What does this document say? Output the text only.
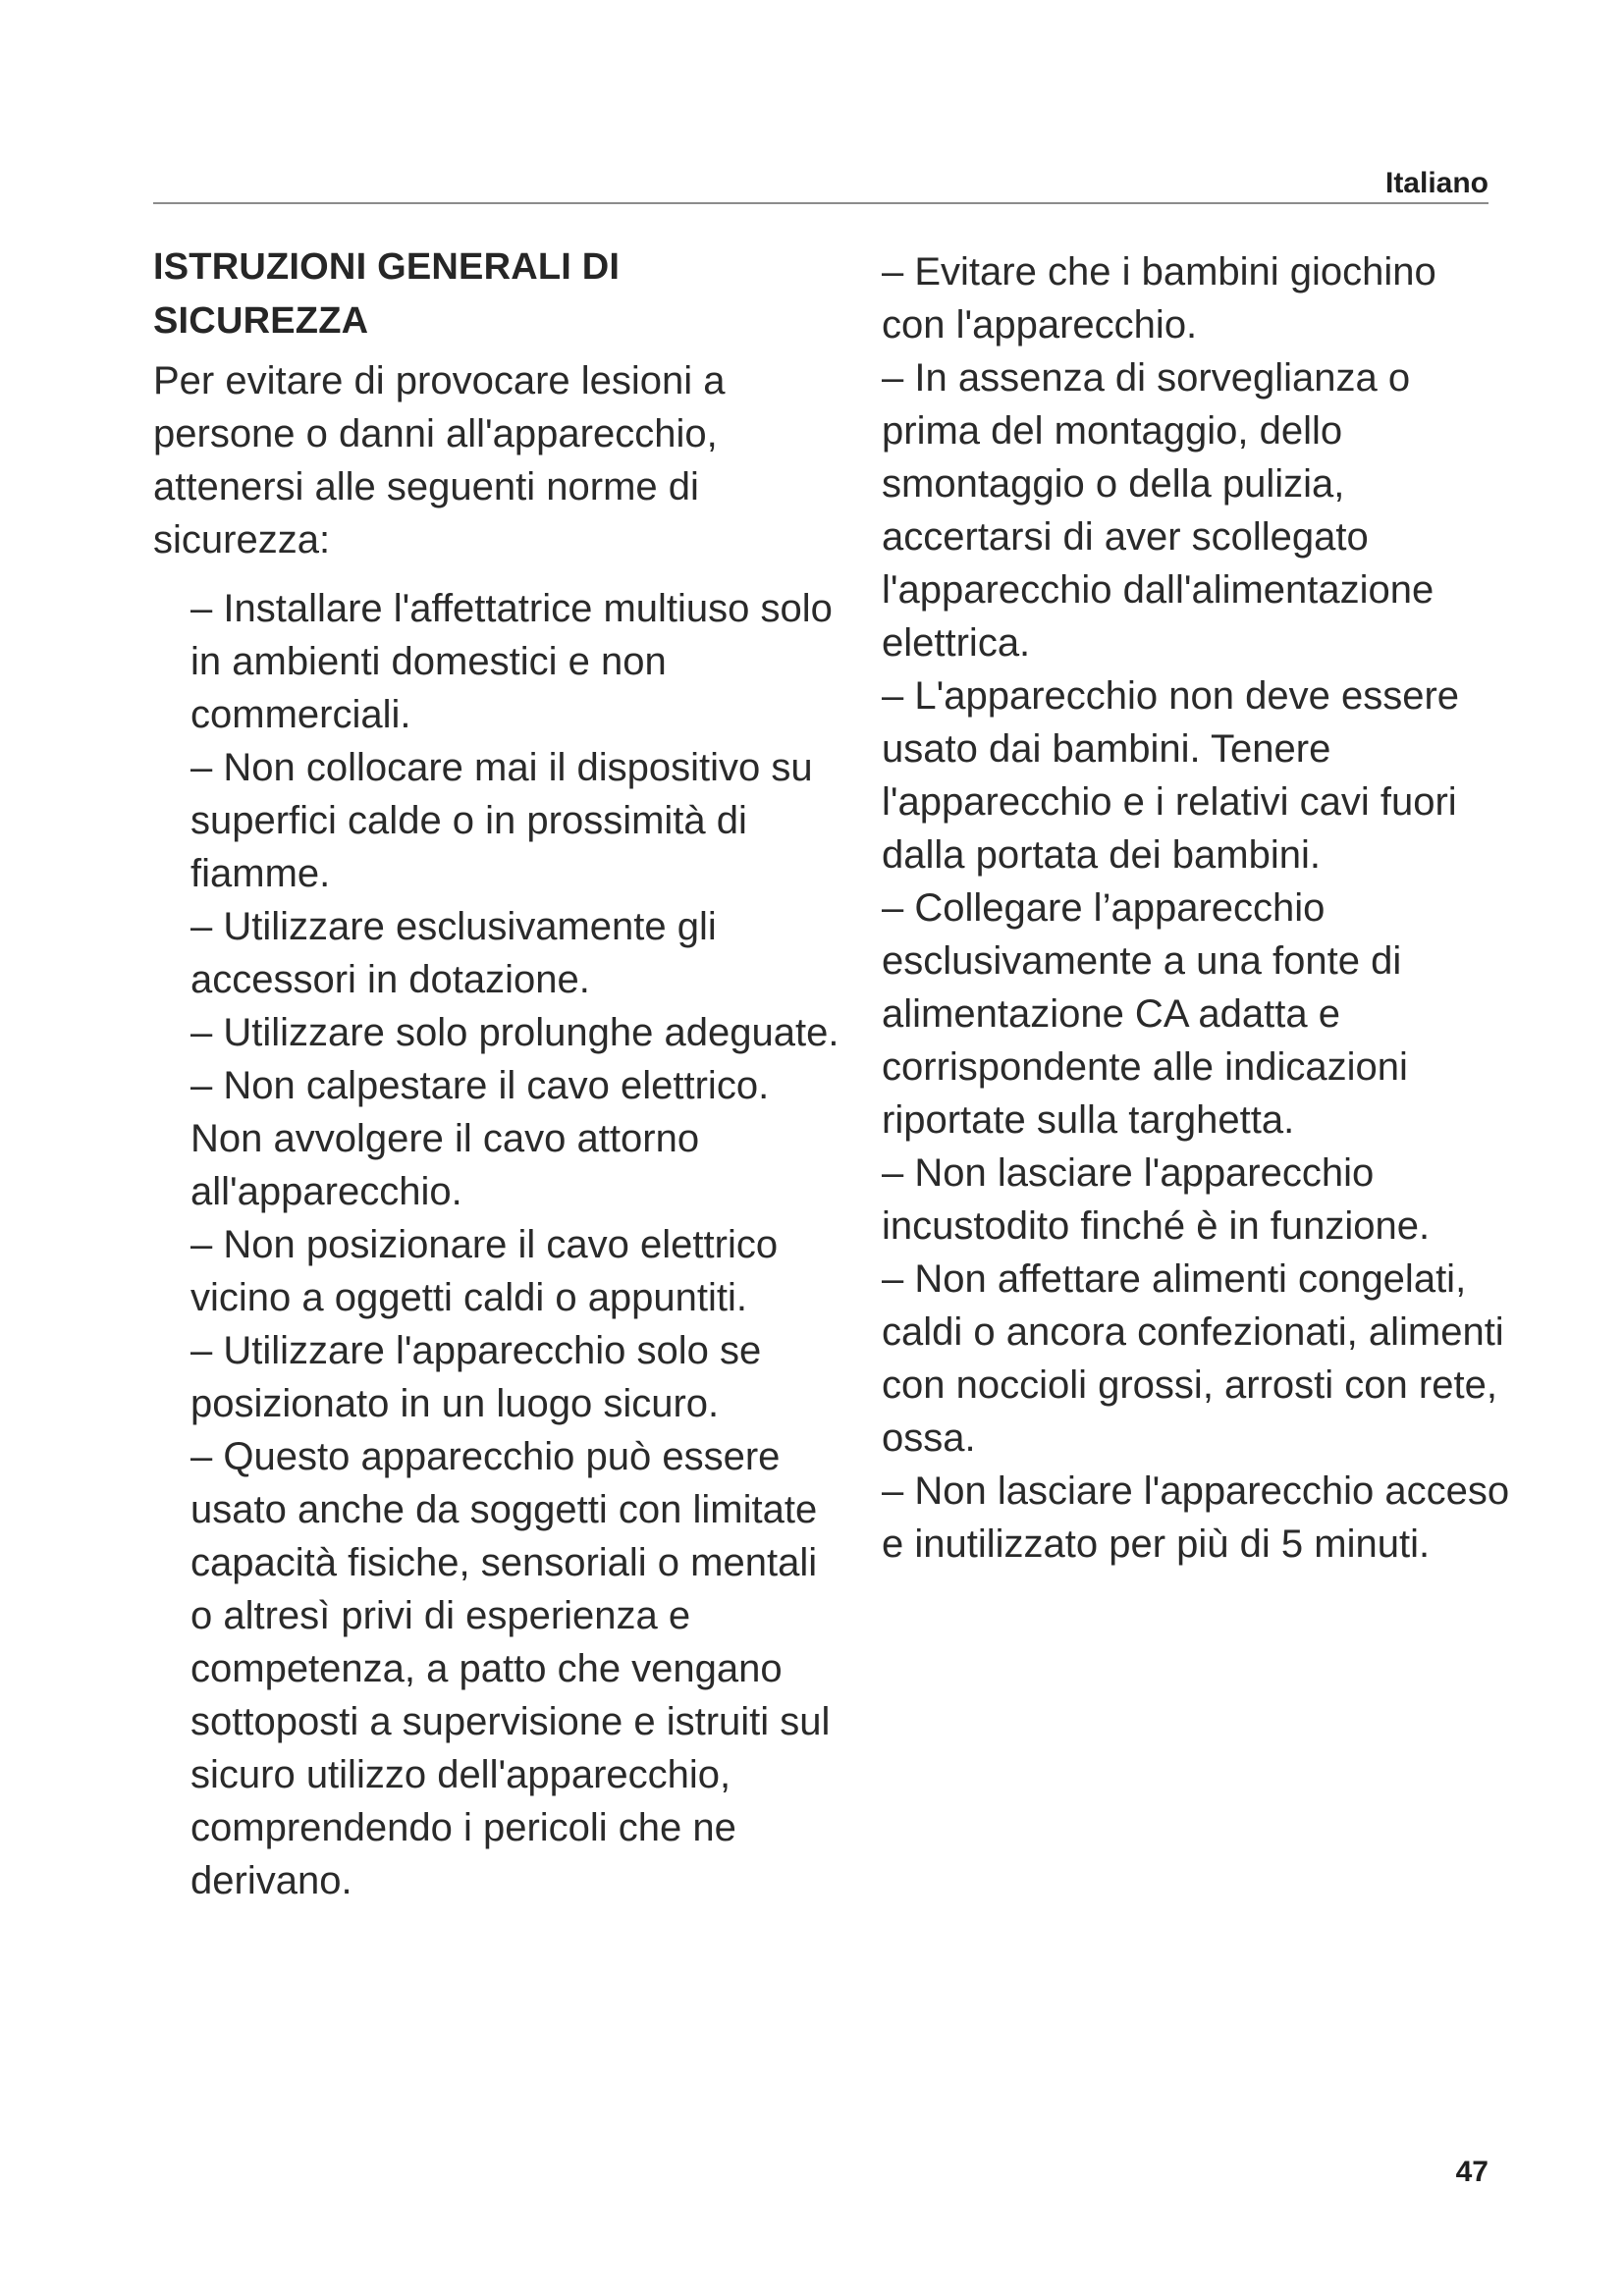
Italiano
ISTRUZIONI GENERALI DI SICUREZZA

Per evitare di provocare lesioni a persone o danni all'apparecchio, attenersi alle seguenti norme di sicurezza:

– Installare l'affettatrice multiuso solo in ambienti domestici e non commerciali.
– Non collocare mai il dispositivo su superfici calde o in prossimità di fiamme.
– Utilizzare esclusivamente gli accessori in dotazione.
– Utilizzare solo prolunghe adeguate.
– Non calpestare il cavo elettrico. Non avvolgere il cavo attorno all'apparecchio.
– Non posizionare il cavo elettrico vicino a oggetti caldi o appuntiti.
– Utilizzare l'apparecchio solo se posizionato in un luogo sicuro.
– Questo apparecchio può essere usato anche da soggetti con limitate capacità fisiche, sensoriali o mentali o altresì privi di esperienza e competenza, a patto che vengano sottoposti a supervisione e istruiti sul sicuro utilizzo dell'apparecchio, comprendendo i pericoli che ne derivano.
– Evitare che i bambini giochino con l'apparecchio.
– In assenza di sorveglianza o prima del montaggio, dello smontaggio o della pulizia, accertarsi di aver scollegato l'apparecchio dall'alimentazione elettrica.
– L'apparecchio non deve essere usato dai bambini. Tenere l'apparecchio e i relativi cavi fuori dalla portata dei bambini.
– Collegare l’apparecchio esclusivamente a una fonte di alimentazione CA adatta e corrispondente alle indicazioni riportate sulla targhetta.
– Non lasciare l'apparecchio incustodito finché è in funzione.
– Non affettare alimenti congelati, caldi o ancora confezionati, alimenti con noccioli grossi, arrosti con rete, ossa.
– Non lasciare l'apparecchio acceso e inutilizzato per più di 5 minuti.
47
